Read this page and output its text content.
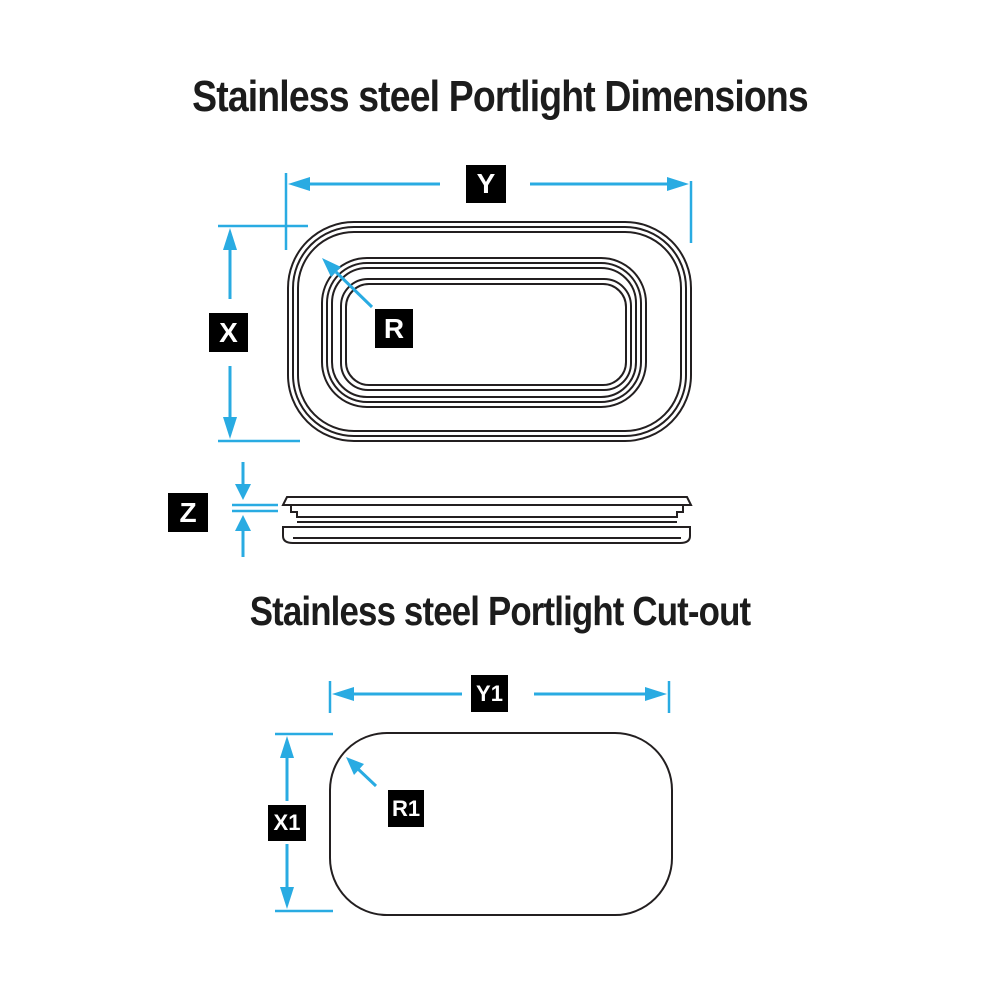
Stainless steel Portlight Dimensions
Stainless steel Portlight Cut-out
Y
X	R
Z
Y1
X1
R1
